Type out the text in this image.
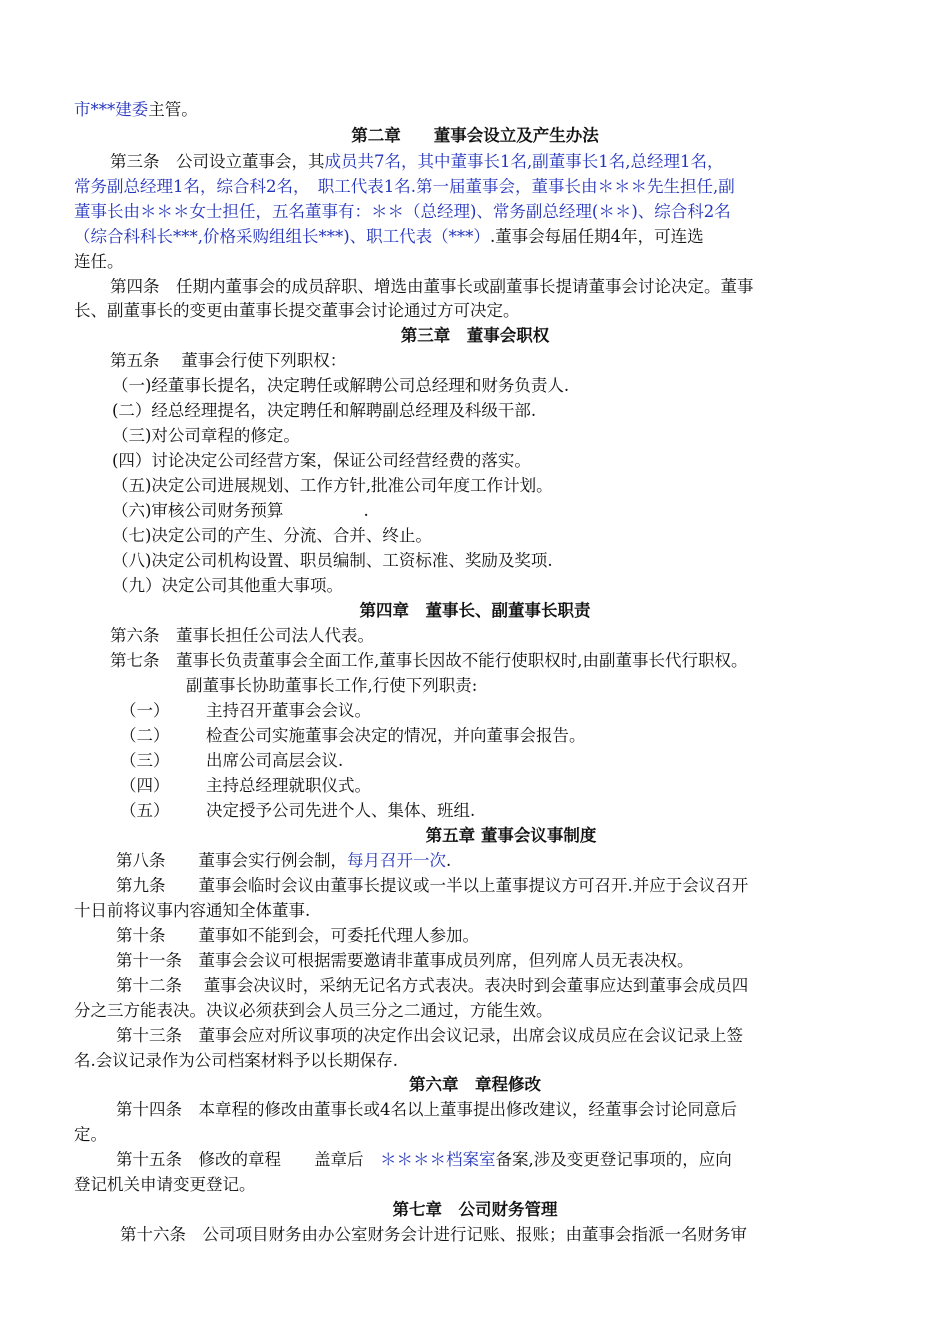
市***建委主管。
第二章　　董事会设立及产生办法
第三条　公司设立董事会，其成员共7名，其中董事长1名,副董事长1名,总经理1名，
常务副总经理1名，综合科2名，　职工代表1名.第一届董事会，董事长由＊＊＊先生担任,副
董事长由＊＊＊女士担任，五名董事有：＊＊（总经理)、常务副总经理(＊＊)、综合科2名
（综合科科长***,价格采购组组长***)、职工代表（***）.董事会每届任期4年，可连选
连任。
第四条　任期内董事会的成员辞职、增选由董事长或副董事长提请董事会讨论决定。董事
长、副董事长的变更由董事长提交董事会讨论通过方可决定。
第三章　董事会职权
第五条　 董事会行使下列职权：
（一)经董事长提名，决定聘任或解聘公司总经理和财务负责人.
(二）经总经理提名，决定聘任和解聘副总经理及科级干部.
（三)对公司章程的修定。
(四）讨论决定公司经营方案，保证公司经营经费的落实。
（五)决定公司进展规划、工作方针,批准公司年度工作计划。
（六)审核公司财务预算	.
（七)决定公司的产生、分流、合并、终止。
（八)决定公司机构设置、职员编制、工资标准、奖励及奖项.
（九）决定公司其他重大事项。
第四章　董事长、副董事长职责
第六条　董事长担任公司法人代表。
第七条　董事长负责董事会全面工作,董事长因故不能行使职权时,由副董事长代行职权。
副董事长协助董事长工作,行使下列职责:
（一） 主持召开董事会会议。
（二） 检查公司实施董事会决定的情况，并向董事会报告。
（三） 出席公司高层会议.
（四） 主持总经理就职仪式。
（五） 决定授予公司先进个人、集体、班组.
第五章 董事会议事制度
第八条　　董事会实行例会制，每月召开一次.
第九条　　董事会临时会议由董事长提议或一半以上董事提议方可召开.并应于会议召开
十日前将议事内容通知全体董事.
第十条　　董事如不能到会，可委托代理人参加。
第十一条　董事会会议可根据需要邀请非董事成员列席，但列席人员无表决权。
第十二条　 董事会决议时，采纳无记名方式表决。表决时到会董事应达到董事会成员四
分之三方能表决。决议必须获到会人员三分之二通过，方能生效。
第十三条　董事会应对所议事项的决定作出会议记录，出席会议成员应在会议记录上签
名.会议记录作为公司档案材料予以长期保存.
第六章　章程修改
第十四条　本章程的修改由董事长或4名以上董事提出修改建议，经董事会讨论同意后
定。
第十五条　修改的章程　　盖章后　＊＊＊＊档案室备案,涉及变更登记事项的，应向
登记机关申请变更登记。
第七章　公司财务管理
第十六条　公司项目财务由办公室财务会计进行记账、报账；由董事会指派一名财务审
